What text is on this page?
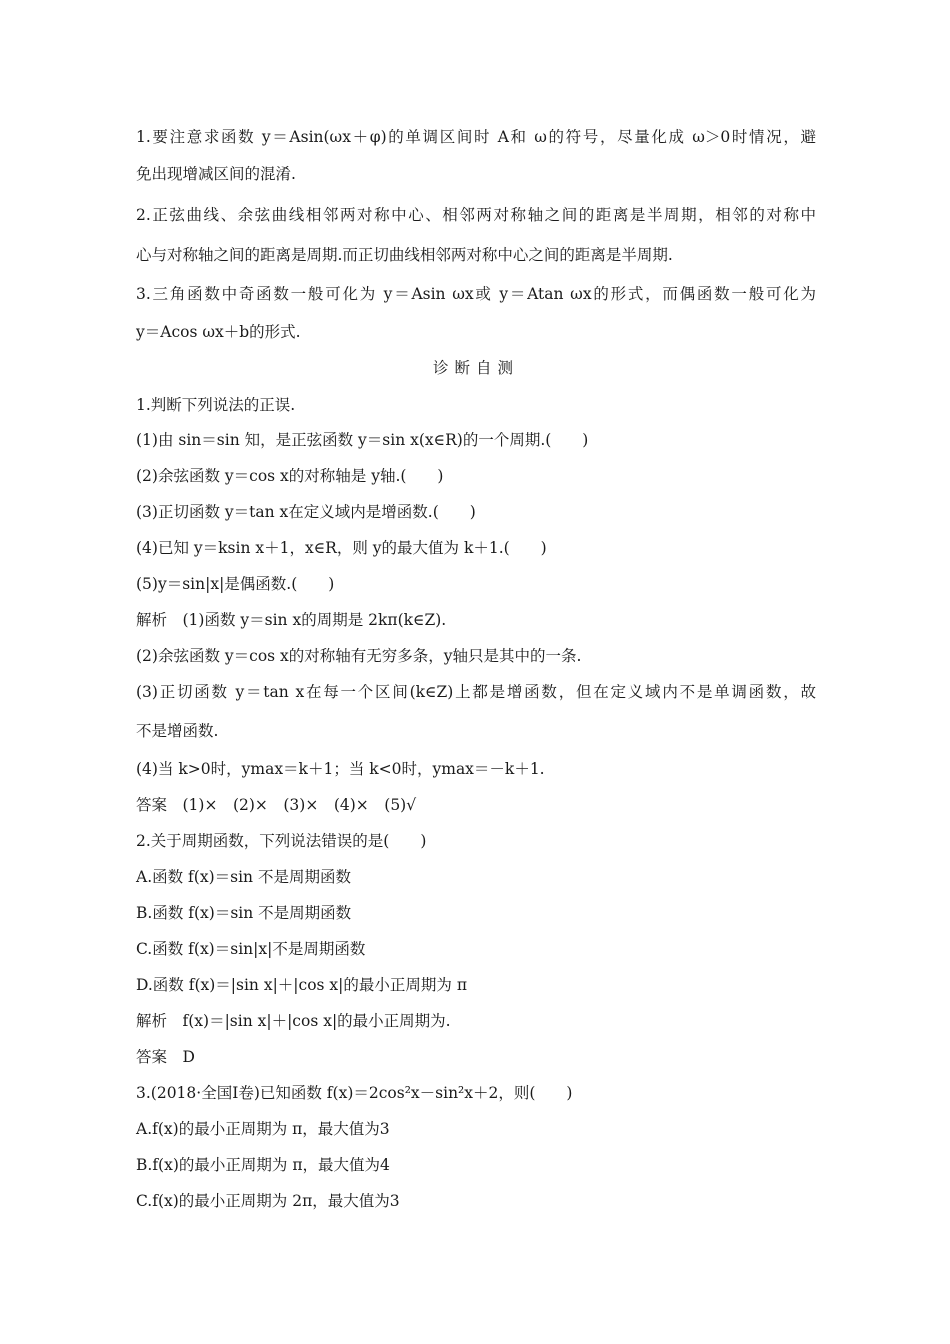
1.要注意求函数 y＝Asin(ωx＋φ)的单调区间时 A和 ω的符号，尽量化成 ω＞0时情况，避
免出现增减区间的混淆.
2.正弦曲线、余弦曲线相邻两对称中心、相邻两对称轴之间的距离是半周期，相邻的对称中
心与对称轴之间的距离是周期.而正切曲线相邻两对称中心之间的距离是半周期.
3.三角函数中奇函数一般可化为 y＝Asin ωx或 y＝Atan ωx的形式，而偶函数一般可化为
y＝Acos ωx＋b的形式.
诊断自测
1.判断下列说法的正误.
(1)由 sin＝sin 知，是正弦函数 y＝sin x(x∈R)的一个周期.(　　)
(2)余弦函数 y＝cos x的对称轴是 y轴.(　　)
(3)正切函数 y＝tan x在定义域内是增函数.(　　)
(4)已知 y＝ksin x＋1，x∈R，则 y的最大值为 k＋1.(　　)
(5)y＝sin|x|是偶函数.(　　)
解析　(1)函数 y＝sin x的周期是 2kπ(k∈Z).
(2)余弦函数 y＝cos x的对称轴有无穷多条，y轴只是其中的一条.
(3)正切函数 y＝tan x在每一个区间(k∈Z)上都是增函数，但在定义域内不是单调函数，故
不是增函数.
(4)当 k>0时，ymax＝k＋1；当 k<0时，ymax＝－k＋1.
答案　(1)×　(2)×　(3)×　(4)×　(5)√
2.关于周期函数，下列说法错误的是(　　)
A.函数 f(x)＝sin 不是周期函数
B.函数 f(x)＝sin 不是周期函数
C.函数 f(x)＝sin|x|不是周期函数
D.函数 f(x)＝|sin x|＋|cos x|的最小正周期为 π
解析　f(x)＝|sin x|＋|cos x|的最小正周期为.
答案　D
3.(2018·全国Ⅰ卷)已知函数 f(x)＝2cos²x－sin²x＋2，则(　　)
A.f(x)的最小正周期为 π，最大值为3
B.f(x)的最小正周期为 π，最大值为4
C.f(x)的最小正周期为 2π，最大值为3
